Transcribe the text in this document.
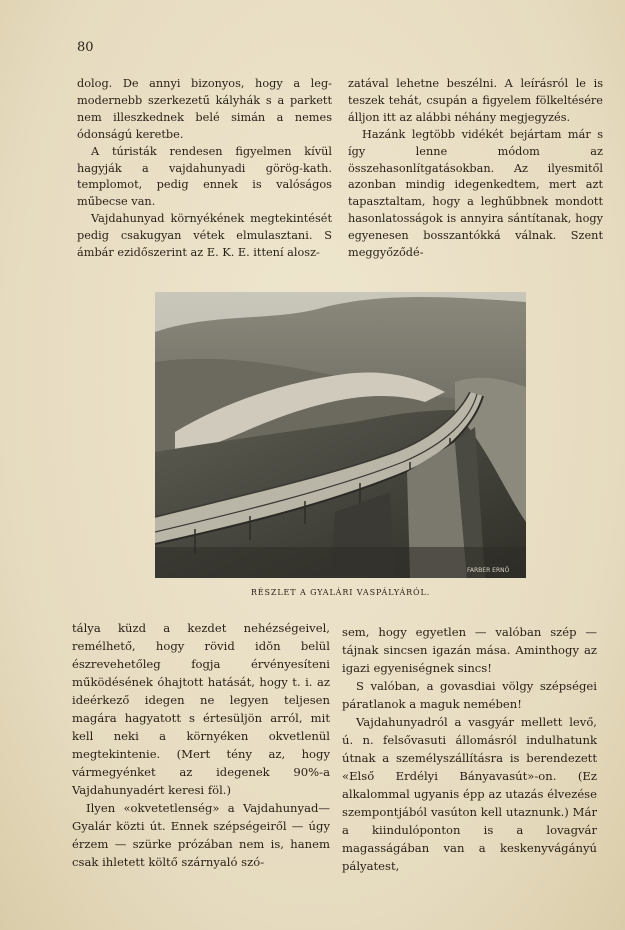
80

dolog. De annyi bizonyos, hogy a leg-modernebb szerkezetű kályhák s a parkett nem illeszkednek belé simán a nemes ódonságú keretbe.

A túristák rendesen figyelmen kívül hagyják a vajdahunyadi görög-kath. templomot, pedig ennek is valóságos műbecse van.

Vajdahunyad környékének megtekintését pedig csakugyan vétek elmulasztani. S ámbár ezidőszerint az E. K. E. ittení alosz-

zatával lehetne beszélni. A leírásról le is teszek tehát, csupán a figyelem fölkeltésére álljon itt az alábbi néhány megjegyzés.

Hazánk legtöbb vidékét bejártam már s így lenne módom az összehasonlítgatásokban. Az ilyesmitől azonban mindig idegenkedtem, mert azt tapasztaltam, hogy a leghűbbnek mondott hasonlatosságok is annyira sántítanak, hogy egyenesen bosszantókká válnak. Szent meggyőződé-

FARBER ERNŐ
RÉSZLET A GYALÁRI VASPÁLYÁRÓL.

tálya küzd a kezdet nehézségeivel, remélhető, hogy rövid idŏn belül észrevehetőleg fogja érvényesíteni működésének óhajtott hatását, hogy t. i. az ideérkező idegen ne legyen teljesen magára hagyatott s értesüljön arról, mit kell neki a környéken okvetlenül megtekintenie. (Mert tény az, hogy vármegyénket az idegenek 90%-a Vajdahunyadért keresi föl.)

Ilyen «okvetetlenség» a Vajdahunyad—Gyalár közti út. Ennek szépségeiről — úgy érzem — szürke prózában nem is, hanem csak ihletett költő szárnyaló szó-

sem, hogy egyetlen — valóban szép — tájnak sincsen igazán mása. Aminthogy az igazi egyeniségnek sincs!

S valóban, a govasdiai völgy szépségei páratlanok a maguk nemében!

Vajdahunyadról a vasgyár mellett levő, ú. n. felsővasuti állomásról indulhatunk útnak a személyszállításra is berendezett «Első Erdélyi Bányavasút»-on. (Ez alkalommal ugyanis épp az utazás élvezése szempontjából vasúton kell utaznunk.) Már a kiindulóponton is a lovagvár magasságában van a keskenyvágányú pályatest,
